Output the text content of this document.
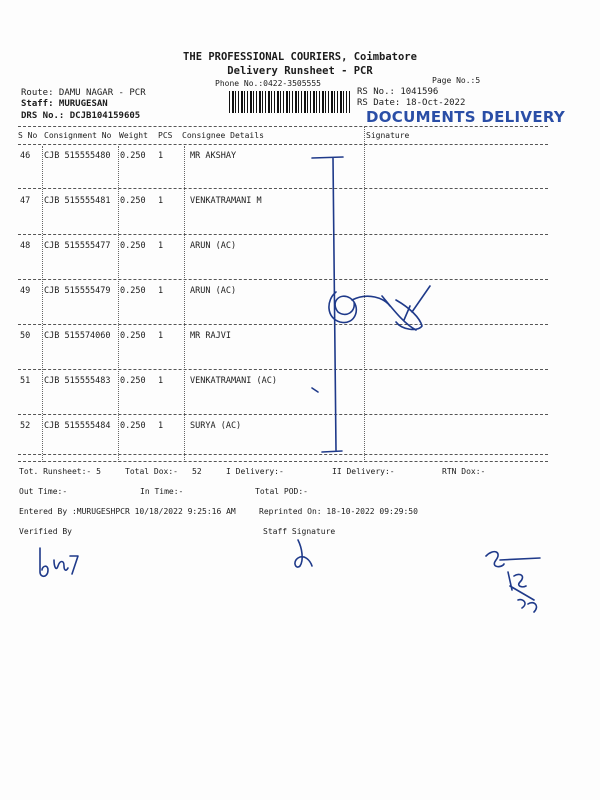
THE PROFESSIONAL COURIERS, Coimbatore
Delivery Runsheet - PCR
Phone No.:0422-3505555	Page No.:5
Route: DAMU NAGAR - PCR
Staff: MURUGESAN
DRS No.: DCJB104159605
RS No.: 1041596
RS Date: 18-Oct-2022
DOCUMENTS DELIVERY
S No Consignment No Weight PCS Consignee Details	Signature
46 CJB 515555480 0.250 1	MR AKSHAY
47 CJB 515555481 0.250 1	VENKATRAMANI M
48 CJB 515555477 0.250 1	ARUN (AC)
49 CJB 515555479 0.250 1	ARUN (AC)
50 CJB 515574060 0.250 1	MR RAJVI
51 CJB 515555483 0.250 1	VENKATRAMANI (AC)
52 CJB 515555484 0.250 1	SURYA (AC)
Tot. Runsheet:- 5	Total Dox:- 52	I Delivery:-	II Delivery:-	RTN Dox:-
Out Time:-	In Time:-	Total POD:-
Entered By :MURUGESHPCR 10/18/2022 9:25:16 AM	Reprinted On: 18-10-2022 09:29:50
Verified By	Staff Signature
bN7
52
13
65
